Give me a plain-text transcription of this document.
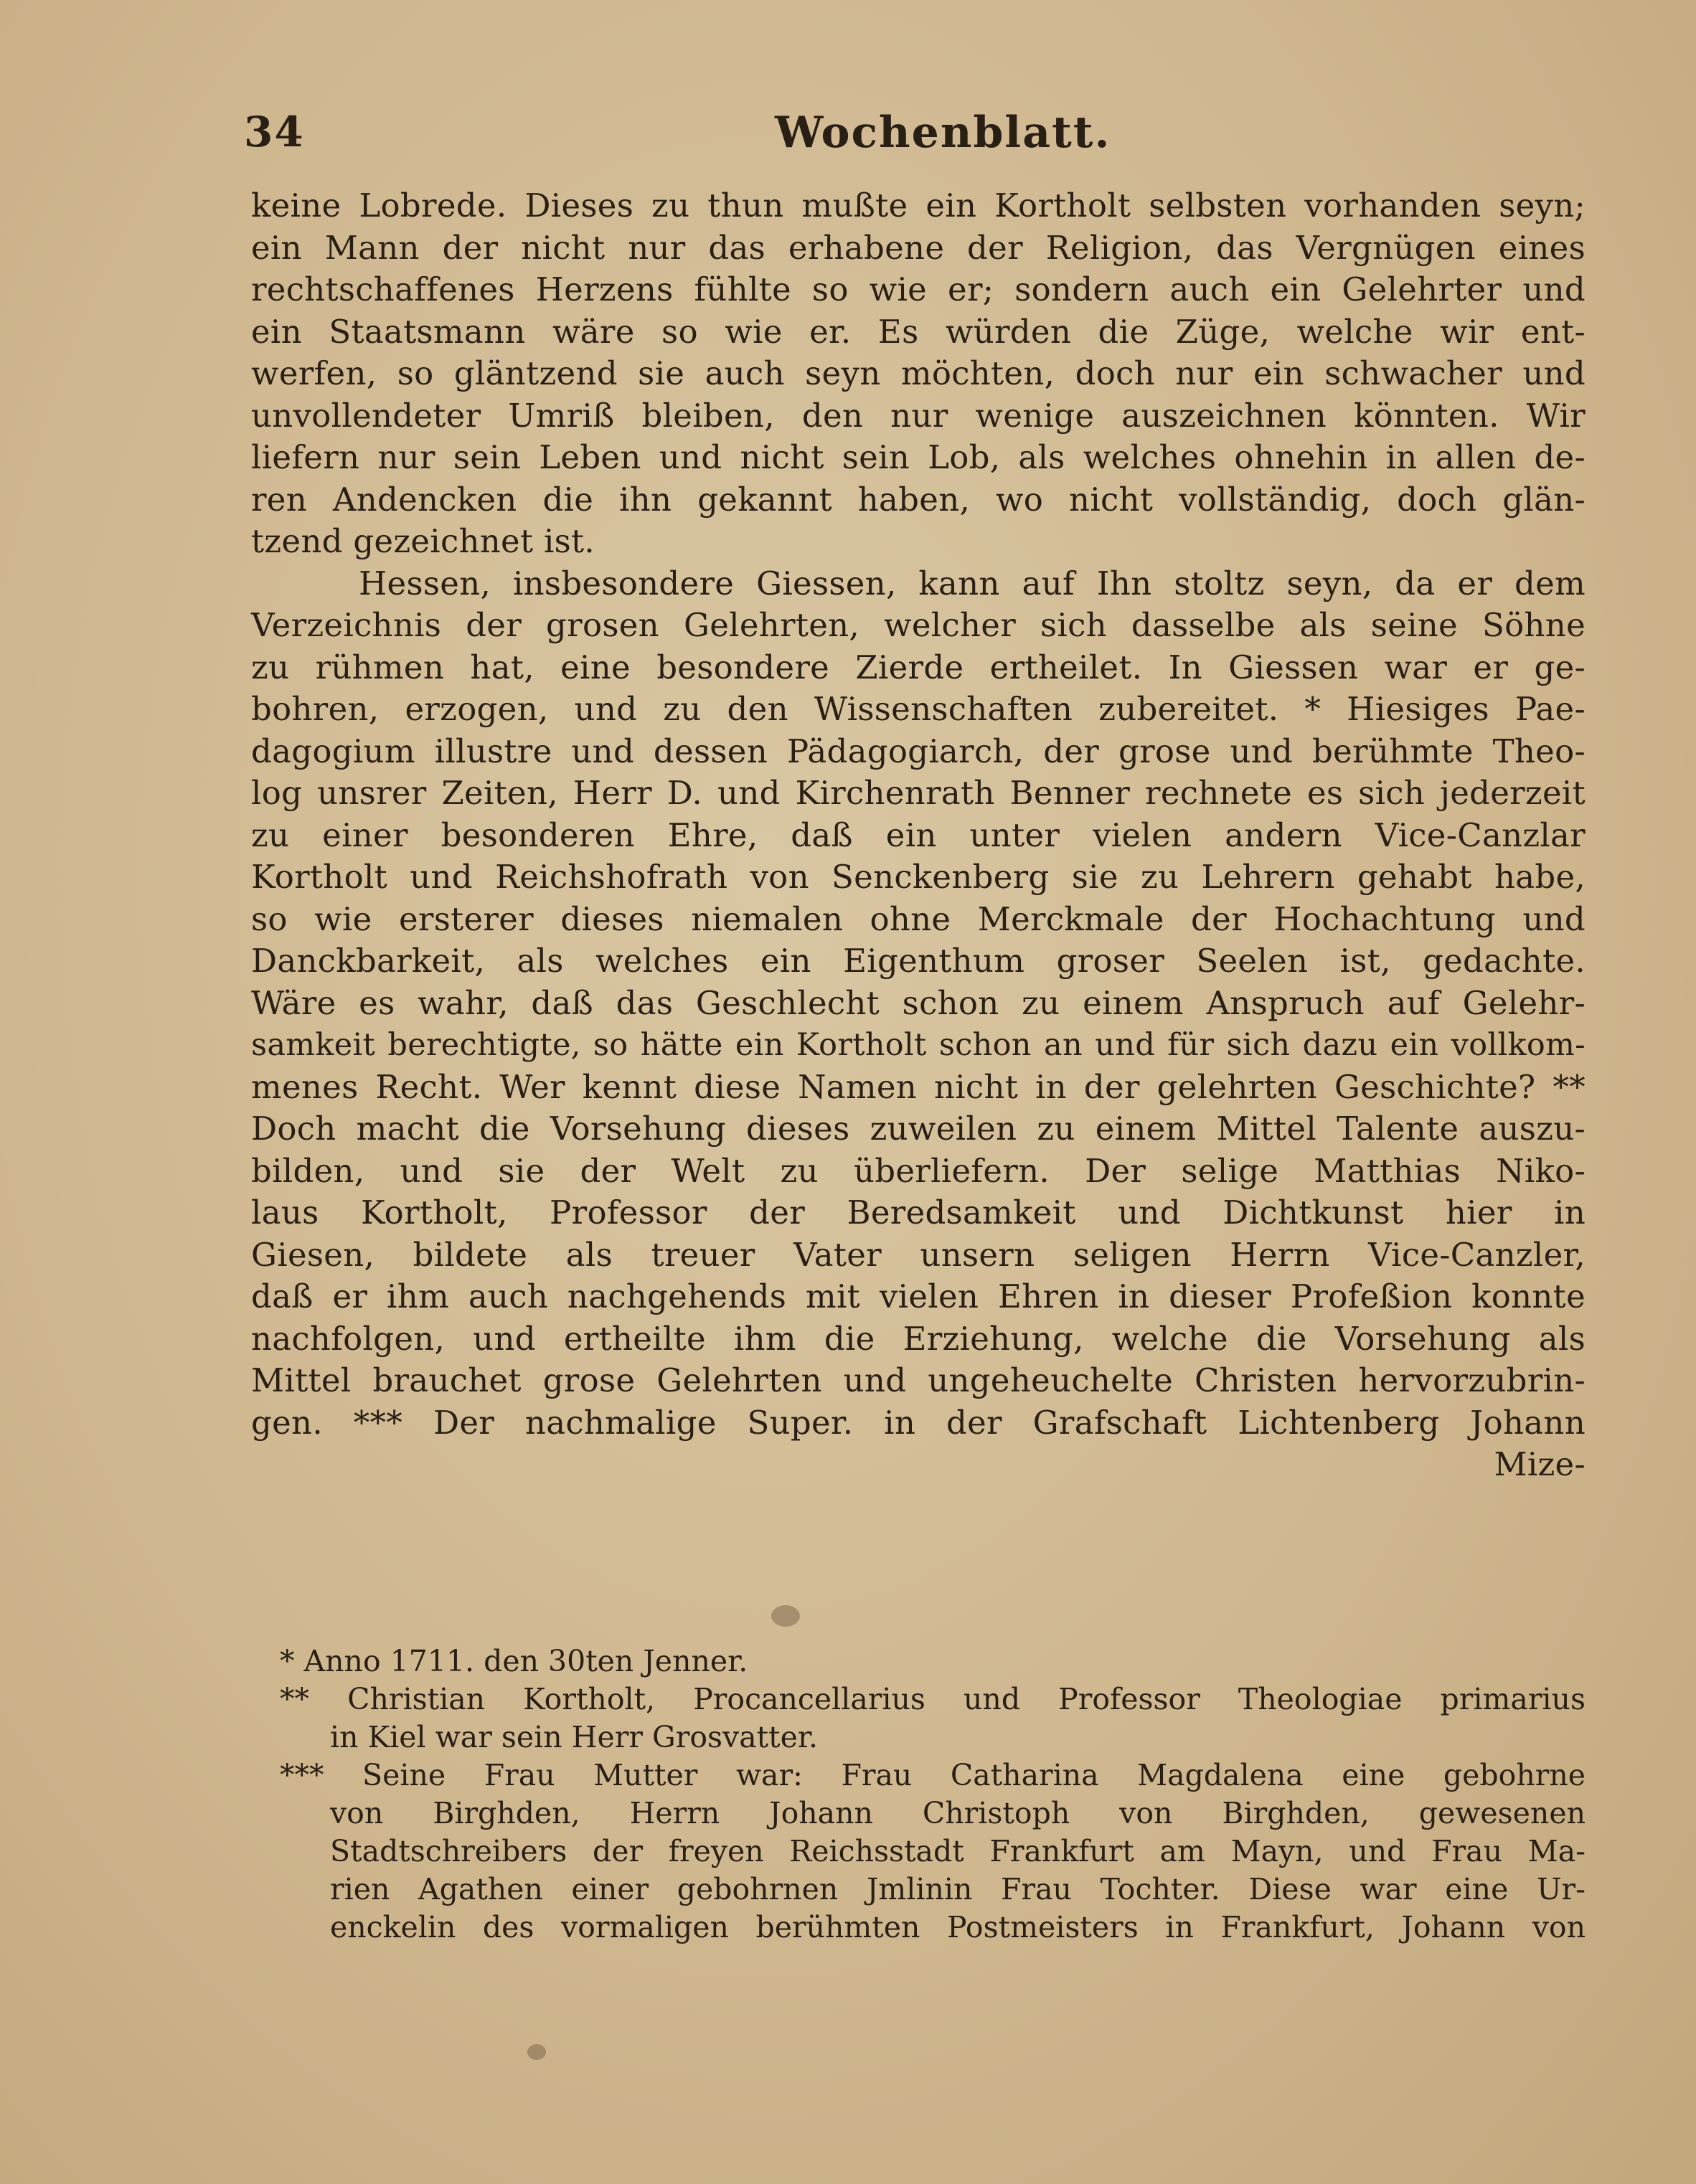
34	Wochenblatt.
keine Lobrede. Dieses zu thun mußte ein Kortholt selbsten vorhanden seyn;
ein Mann der nicht nur das erhabene der Religion, das Vergnügen eines
rechtschaffenes Herzens fühlte so wie er; sondern auch ein Gelehrter und
ein Staatsmann wäre so wie er. Es würden die Züge, welche wir ent-
werfen, so gläntzend sie auch seyn möchten, doch nur ein schwacher und
unvollendeter Umriß bleiben, den nur wenige auszeichnen könnten. Wir
liefern nur sein Leben und nicht sein Lob, als welches ohnehin in allen de-
ren Andencken die ihn gekannt haben, wo nicht vollständig, doch glän-
tzend gezeichnet ist.
Hessen, insbesondere Giessen, kann auf Ihn stoltz seyn, da er dem
Verzeichnis der grosen Gelehrten, welcher sich dasselbe als seine Söhne
zu rühmen hat, eine besondere Zierde ertheilet. In Giessen war er ge-
bohren, erzogen, und zu den Wissenschaften zubereitet. * Hiesiges Pae-
dagogium illustre und dessen Pädagogiarch, der grose und berühmte Theo-
log unsrer Zeiten, Herr D. und Kirchenrath Benner rechnete es sich jederzeit
zu einer besonderen Ehre, daß ein unter vielen andern Vice-Canzlar
Kortholt und Reichshofrath von Senckenberg sie zu Lehrern gehabt habe,
so wie ersterer dieses niemalen ohne Merckmale der Hochachtung und
Danckbarkeit, als welches ein Eigenthum groser Seelen ist, gedachte.
Wäre es wahr, daß das Geschlecht schon zu einem Anspruch auf Gelehr-
samkeit berechtigte, so hätte ein Kortholt schon an und für sich dazu ein vollkom-
menes Recht. Wer kennt diese Namen nicht in der gelehrten Geschichte? **
Doch macht die Vorsehung dieses zuweilen zu einem Mittel Talente auszu-
bilden, und sie der Welt zu überliefern. Der selige Matthias Niko-
laus Kortholt, Professor der Beredsamkeit und Dichtkunst hier in
Giesen, bildete als treuer Vater unsern seligen Herrn Vice-Canzler,
daß er ihm auch nachgehends mit vielen Ehren in dieser Profeßion konnte
nachfolgen, und ertheilte ihm die Erziehung, welche die Vorsehung als
Mittel brauchet grose Gelehrten und ungeheuchelte Christen hervorzubrin-
gen. *** Der nachmalige Super. in der Grafschaft Lichtenberg Johann
Mize-
* Anno 1711. den 30ten Jenner.
** Christian Kortholt, Procancellarius und Professor Theologiae primarius
in Kiel war sein Herr Grosvatter.
*** Seine Frau Mutter war: Frau Catharina Magdalena eine gebohrne
von Birghden, Herrn Johann Christoph von Birghden, gewesenen
Stadtschreibers der freyen Reichsstadt Frankfurt am Mayn, und Frau Ma-
rien Agathen einer gebohrnen Jmlinin Frau Tochter. Diese war eine Ur-
enckelin des vormaligen berühmten Postmeisters in Frankfurt, Johann von
